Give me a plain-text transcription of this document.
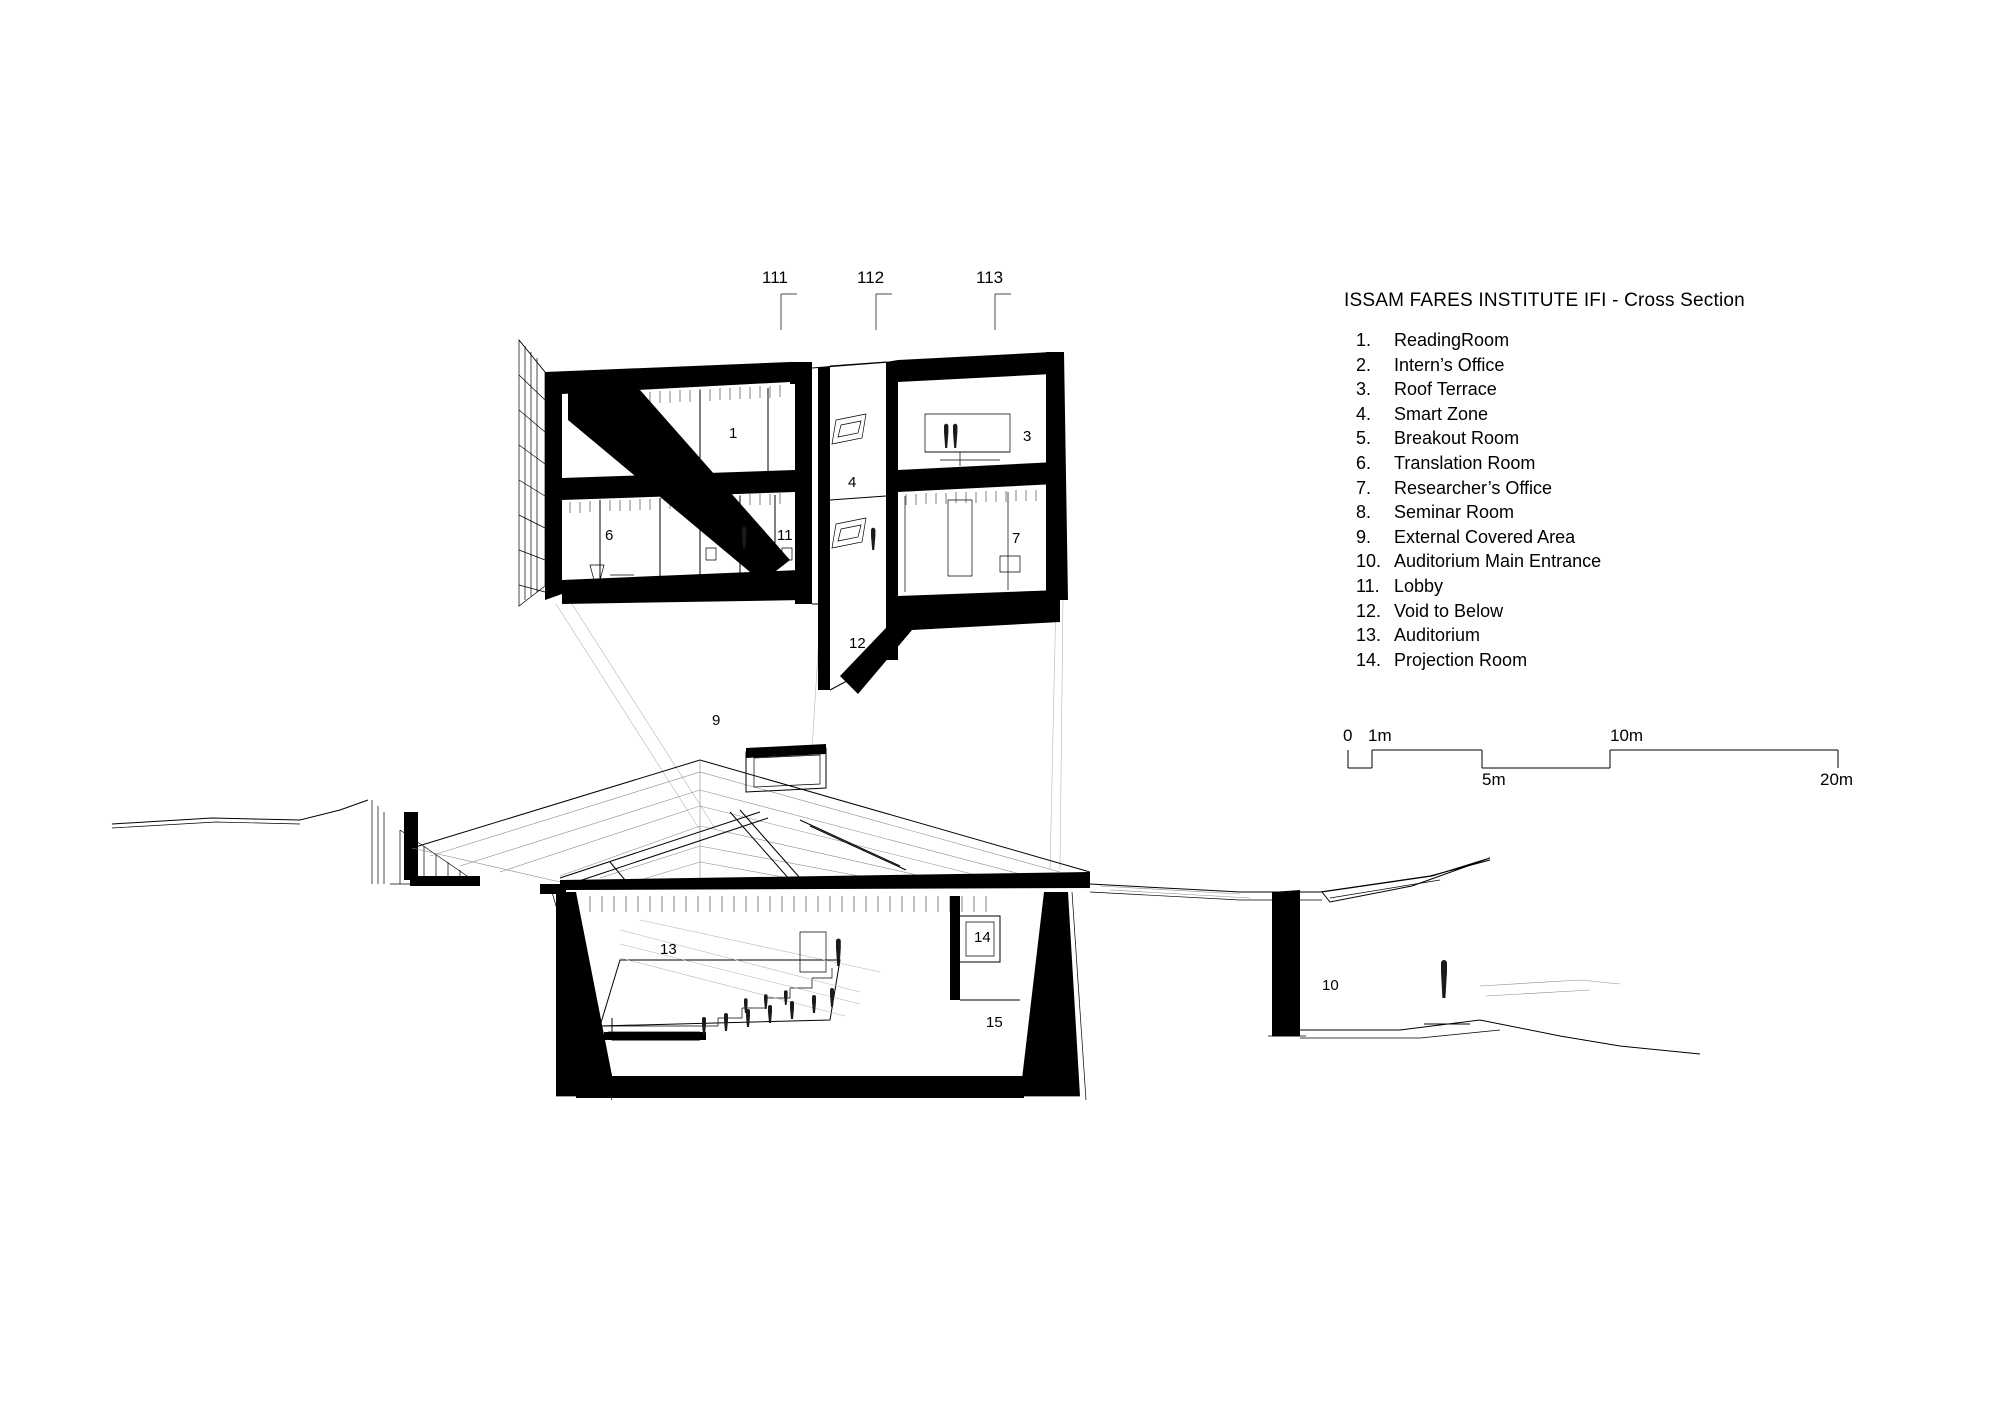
111	112	113
2	1	3
4
6	5	11	7
8
12
9
13
14
15
10
ISSAM FARES INSTITUTE IFI - Cross Section
1.	ReadingRoom
2.	Intern’s Office
3.	Roof Terrace
4.	Smart Zone
5.	Breakout Room
6.	Translation Room
7.	Researcher’s Office
8.	Seminar Room
9.	External Covered Area
10. Auditorium Main Entrance
11. Lobby
12. Void to Below
13. Auditorium
14. Projection Room
0 1m
5m
10m
20m
